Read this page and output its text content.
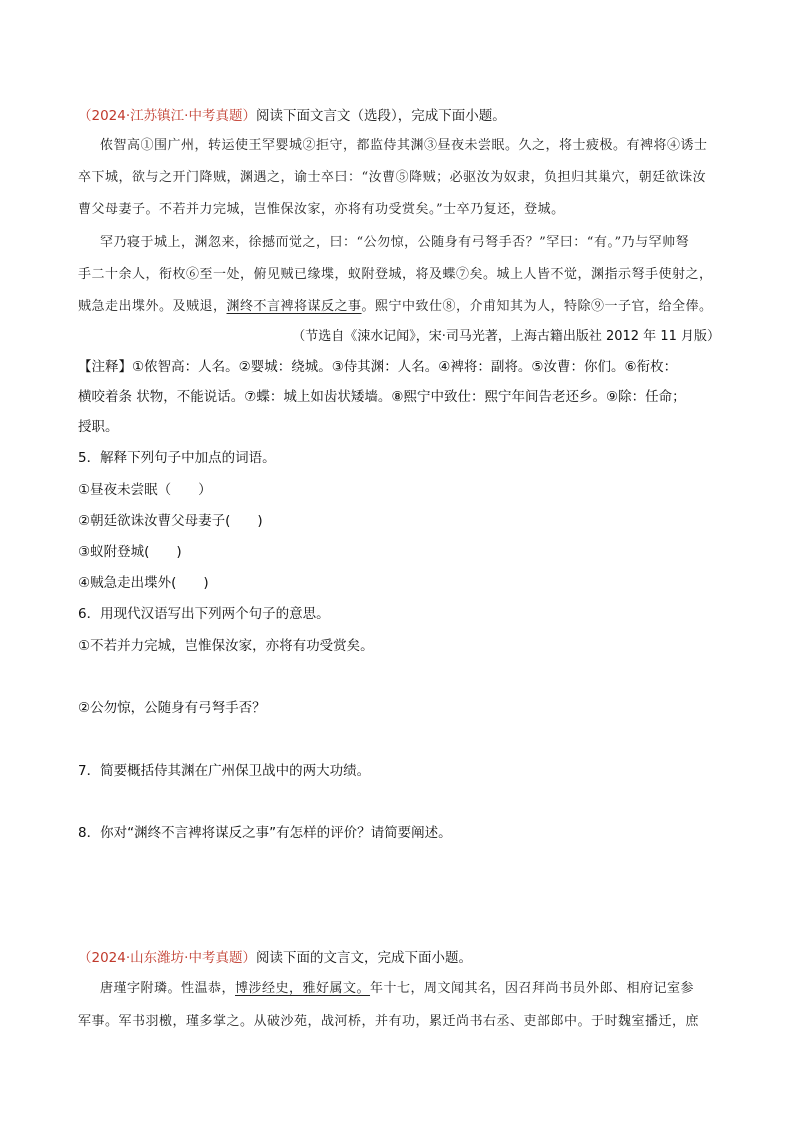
（2024·江苏镇江·中考真题）阅读下面文言文（选段），完成下面小题。
侬智高①围广州，转运使王罕婴城②拒守，都监侍其渊③昼夜未尝眠。久之，将士疲极。有裨将④诱士
卒下城，欲与之开门降贼，渊遇之，谕士卒曰：“汝曹⑤降贼；必驱汝为奴隶，负担归其巢穴，朝廷欲诛汝
曹父母妻子。不若并力完城，岂惟保汝家，亦将有功受赏矣。”士卒乃复还，登城。
罕乃寝于城上，渊忽来，徐撼而觉之，曰：“公勿惊，公随身有弓弩手否？”罕曰：“有。”乃与罕帅弩
手二十余人，衔枚⑥至一处，俯见贼已缘堞，蚁附登城，将及蝶⑦矣。城上人皆不觉，渊指示弩手使射之，
贼急走出堞外。及贼退，渊终不言裨将谋反之事。熙宁中致仕⑧，介甫知其为人，特除⑨一子官，给全俸。
（节选自《涑水记闻》，宋·司马光著，上海古籍出版社 2012 年 11 月版）
【注释】①侬智高：人名。②婴城：绕城。③侍其渊：人名。④裨将：副将。⑤汝曹：你们。⑥衔枚：
横咬着条 状物，不能说话。⑦蝶：城上如齿状矮墙。⑧熙宁中致仕：熙宁年间告老还乡。⑨除：任命；
授职。
5．解释下列句子中加点的词语。
①昼夜未尝眠（　　）
②朝廷欲诛汝曹父母妻子(　　)
③蚁附登城(　　)
④贼急走出堞外(　　)
6．用现代汉语写出下列两个句子的意思。
①不若并力完城，岂惟保汝家，亦将有功受赏矣。
②公勿惊，公随身有弓弩手否？
7．简要概括侍其渊在广州保卫战中的两大功绩。
8．你对“渊终不言裨将谋反之事”有怎样的评价？请简要阐述。
（2024·山东潍坊·中考真题）阅读下面的文言文，完成下面小题。
唐瑾字附璘。性温恭，博涉经史，雅好属文。年十七，周文闻其名，因召拜尚书员外郎、相府记室参
军事。军书羽檄，瑾多掌之。从破沙苑，战河桥，并有功，累迁尚书右丞、吏部郎中。于时魏室播迁，庶
